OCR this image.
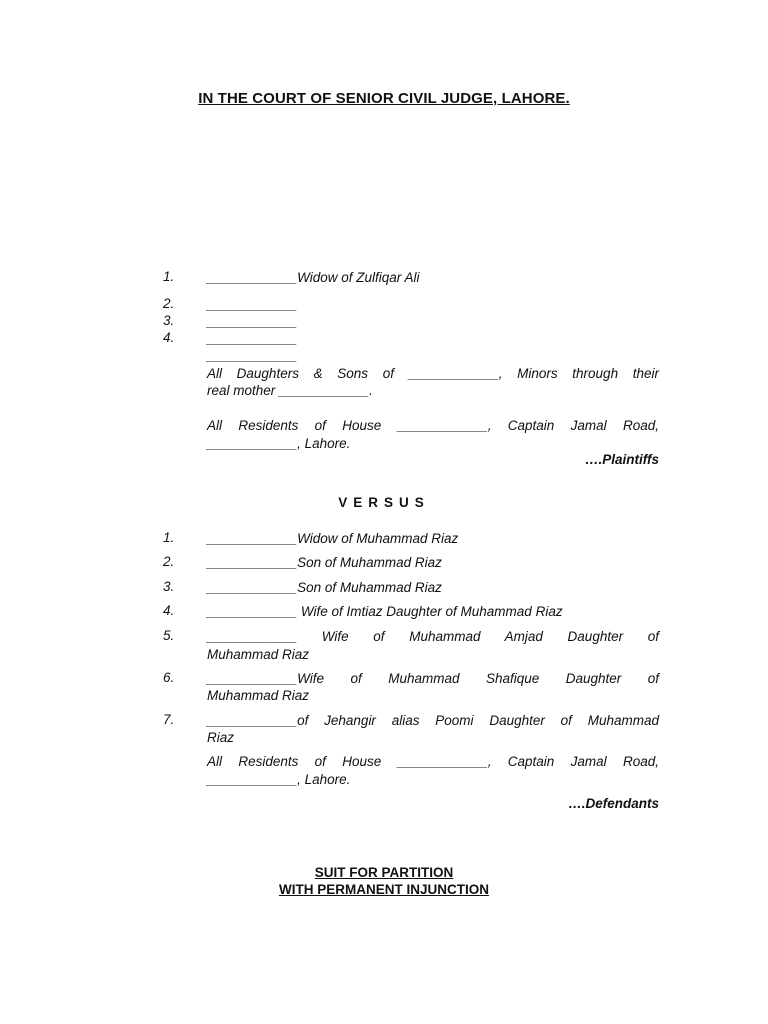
IN THE COURT OF SENIOR CIVIL JUDGE, LAHORE.
1. ____________Widow of Zulfiqar Ali
2. ____________
3. ____________
4. ____________
____________
All Daughters & Sons of ____________, Minors through their
real mother ____________.
All Residents of House ____________, Captain Jamal Road,
____________, Lahore.
….Plaintiffs
VERSUS
1. ____________Widow of Muhammad Riaz
2. ____________Son of Muhammad Riaz
3. ____________Son of Muhammad Riaz
4. ____________ Wife of Imtiaz Daughter of Muhammad Riaz
5. ____________ Wife of Muhammad Amjad Daughter of
Muhammad Riaz
6. ____________Wife of Muhammad Shafique Daughter of
Muhammad Riaz
7. ____________of Jehangir alias Poomi Daughter of Muhammad
Riaz
All Residents of House ____________, Captain Jamal Road,
____________, Lahore.
….Defendants
SUIT FOR PARTITION
WITH PERMANENT INJUNCTION
